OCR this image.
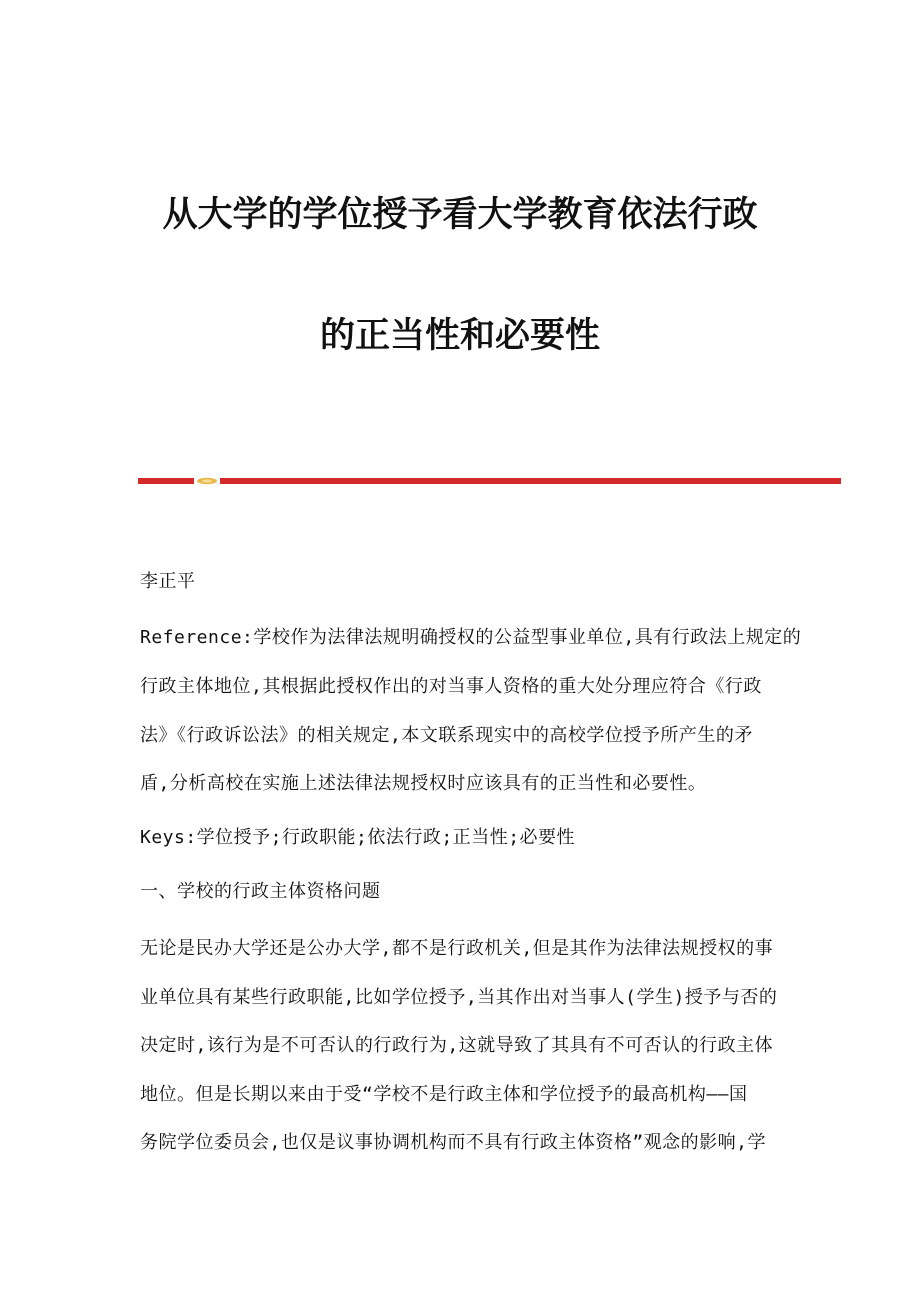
从大学的学位授予看大学教育依法行政
的正当性和必要性
李正平
Reference:学校作为法律法规明确授权的公益型事业单位,具有行政法上规定的
行政主体地位,其根据此授权作出的对当事人资格的重大处分理应符合《行政
法》《行政诉讼法》的相关规定,本文联系现实中的高校学位授予所产生的矛
盾,分析高校在实施上述法律法规授权时应该具有的正当性和必要性。
Keys:学位授予;行政职能;依法行政;正当性;必要性
一、学校的行政主体资格问题
无论是民办大学还是公办大学,都不是行政机关,但是其作为法律法规授权的事
业单位具有某些行政职能,比如学位授予,当其作出对当事人(学生)授予与否的
决定时,该行为是不可否认的行政行为,这就导致了其具有不可否认的行政主体
地位。但是长期以来由于受“学校不是行政主体和学位授予的最高机构——国
务院学位委员会,也仅是议事协调机构而不具有行政主体资格”观念的影响,学
